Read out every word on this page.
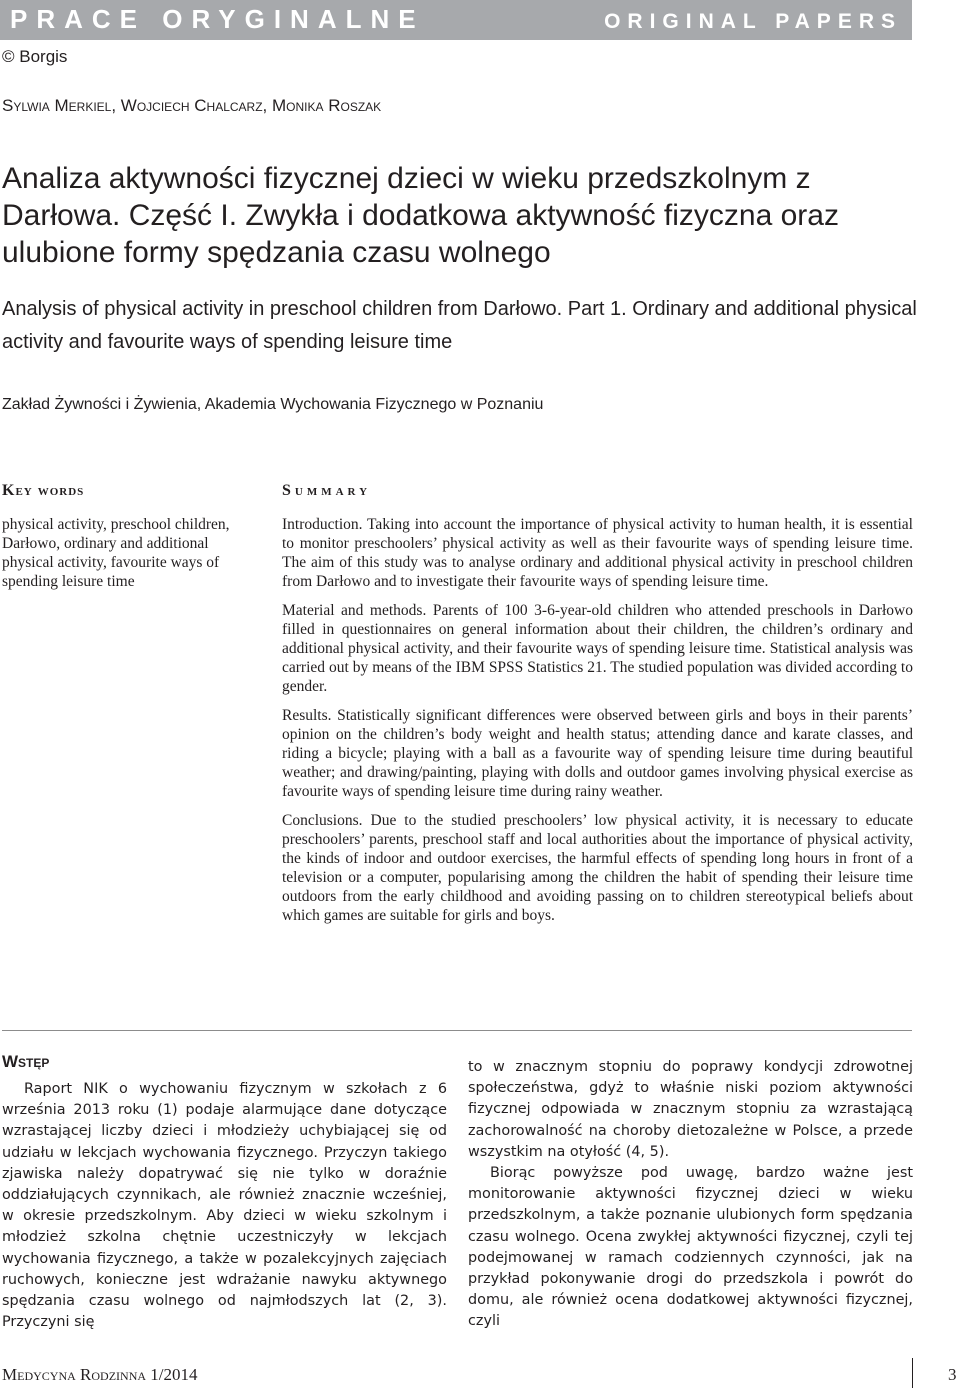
PRACE ORYGINALNE	ORIGINAL PAPERS
© Borgis
Sylwia Merkiel, Wojciech Chalcarz, Monika Roszak
Analiza aktywności fizycznej dzieci w wieku przedszkolnym z Darłowa. Część I. Zwykła i dodatkowa aktywność fizyczna oraz ulubione formy spędzania czasu wolnego
Analysis of physical activity in preschool children from Darłowo. Part 1. Ordinary and additional physical activity and favourite ways of spending leisure time
Zakład Żywności i Żywienia, Akademia Wychowania Fizycznego w Poznaniu
Key words
physical activity, preschool children, Darłowo, ordinary and additional physical activity, favourite ways of spending leisure time
Summary

Introduction. Taking into account the importance of physical activity to human health, it is essential to monitor preschoolers’ physical activity as well as their favourite ways of spending leisure time. The aim of this study was to analyse ordinary and additional physical activity in preschool children from Darłowo and to investigate their favourite ways of spending leisure time.

Material and methods. Parents of 100 3-6-year-old children who attended preschools in Darłowo filled in questionnaires on general information about their children, the children’s ordinary and additional physical activity, and their favourite ways of spending leisure time. Statistical analysis was carried out by means of the IBM SPSS Statistics 21. The studied population was divided according to gender.

Results. Statistically significant differences were observed between girls and boys in their parents’ opinion on the children’s body weight and health status; attending dance and karate classes, and riding a bicycle; playing with a ball as a favourite way of spending leisure time during beautiful weather; and drawing/painting, playing with dolls and outdoor games involving physical exercise as favourite ways of spending leisure time during rainy weather.

Conclusions. Due to the studied preschoolers’ low physical activity, it is necessary to educate preschoolers’ parents, preschool staff and local authorities about the importance of physical activity, the kinds of indoor and outdoor exercises, the harmful effects of spending long hours in front of a television or a computer, popularising among the children the habit of spending their leisure time outdoors from the early childhood and avoiding passing on to children stereotypical beliefs about which games are suitable for girls and boys.

Wstęp

Raport NIK o wychowaniu fizycznym w szkołach z 6 września 2013 roku (1) podaje alarmujące dane dotyczące wzrastającej liczby dzieci i młodzieży uchybiającej się od udziału w lekcjach wychowania fizycznego. Przyczyn takiego zjawiska należy dopatrywać się nie tylko w doraźnie oddziałujących czynnikach, ale również znacznie wcześniej, w okresie przedszkolnym. Aby dzieci w wieku szkolnym i młodzież szkolna chętnie uczestniczyły w lekcjach wychowania fizycznego, a także w pozalekcyjnych zajęciach ruchowych, konieczne jest wdrażanie nawyku aktywnego spędzania czasu wolnego od najmłodszych lat (2, 3). Przyczyni się

to w znacznym stopniu do poprawy kondycji zdrowotnej społeczeństwa, gdyż to właśnie niski poziom aktywności fizycznej odpowiada w znacznym stopniu za wzrastającą zachorowalność na choroby dietozależne w Polsce, a przede wszystkim na otyłość (4, 5).

Biorąc powyższe pod uwagę, bardzo ważne jest monitorowanie aktywności fizycznej dzieci w wieku przedszkolnym, a także poznanie ulubionych form spędzania czasu wolnego. Ocena zwykłej aktywności fizycznej, czyli tej podejmowanej w ramach codziennych czynności, jak na przykład pokonywanie drogi do przedszkola i powrót do domu, ale również ocena dodatkowej aktywności fizycznej, czyli

Medycyna Rodzinna 1/2014	3
